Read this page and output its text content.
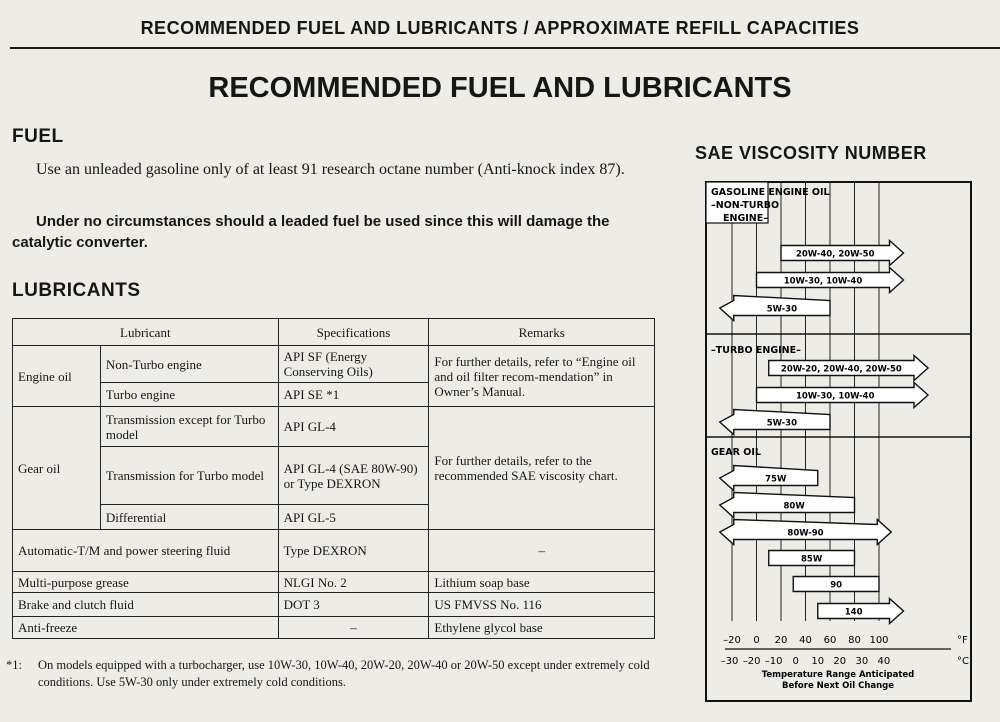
RECOMMENDED FUEL AND LUBRICANTS / APPROXIMATE REFILL CAPACITIES
RECOMMENDED FUEL AND LUBRICANTS
FUEL
Use an unleaded gasoline only of at least 91 research octane number (Anti-knock index 87).
Under no circumstances should a leaded fuel be used since this will damage the catalytic converter.
LUBRICANTS
Lubricant		Specifications	Remarks
Engine oil	Non-Turbo engine	API SF (Energy Conserving Oils)	For further details, refer to “Engine oil and oil filter recom-mendation” in Owner’s Manual.
	Turbo engine	API SE *1	
Gear oil	Transmission except for Turbo model	API GL-4	For further details, refer to the recommended SAE viscosity chart.
	Transmission for Turbo model	API GL-4 (SAE 80W-90) or Type DEXRON	
	Differential	API GL-5	
Automatic-T/M and power steering fluid		Type DEXRON	–
Multi-purpose grease		NLGI No. 2	Lithium soap base
Brake and clutch fluid		DOT 3	US FMVSS No. 116
Anti-freeze		–	Ethylene glycol base
*1: On models equipped with a turbocharger, use 10W-30, 10W-40, 20W-20, 20W-40 or 20W-50 except under extremely cold conditions. Use 5W-30 only under extremely cold conditions.
SAE VISCOSITY NUMBER
GASOLINE ENGINE OIL
–NON-TURBO
ENGINE–
–TURBO ENGINE–
GEAR OIL
20W-40, 20W-50
10W-30, 10W-40
5W-30
20W-20, 20W-40, 20W-50
10W-30, 10W-40
5W-30
75W
80W
80W-90
85W
90
140
–20 0 20 40 60 80 100	°F
–30 –20 –10 0 10 20 30 40	°C
Temperature Range Anticipated
Before Next Oil Change
